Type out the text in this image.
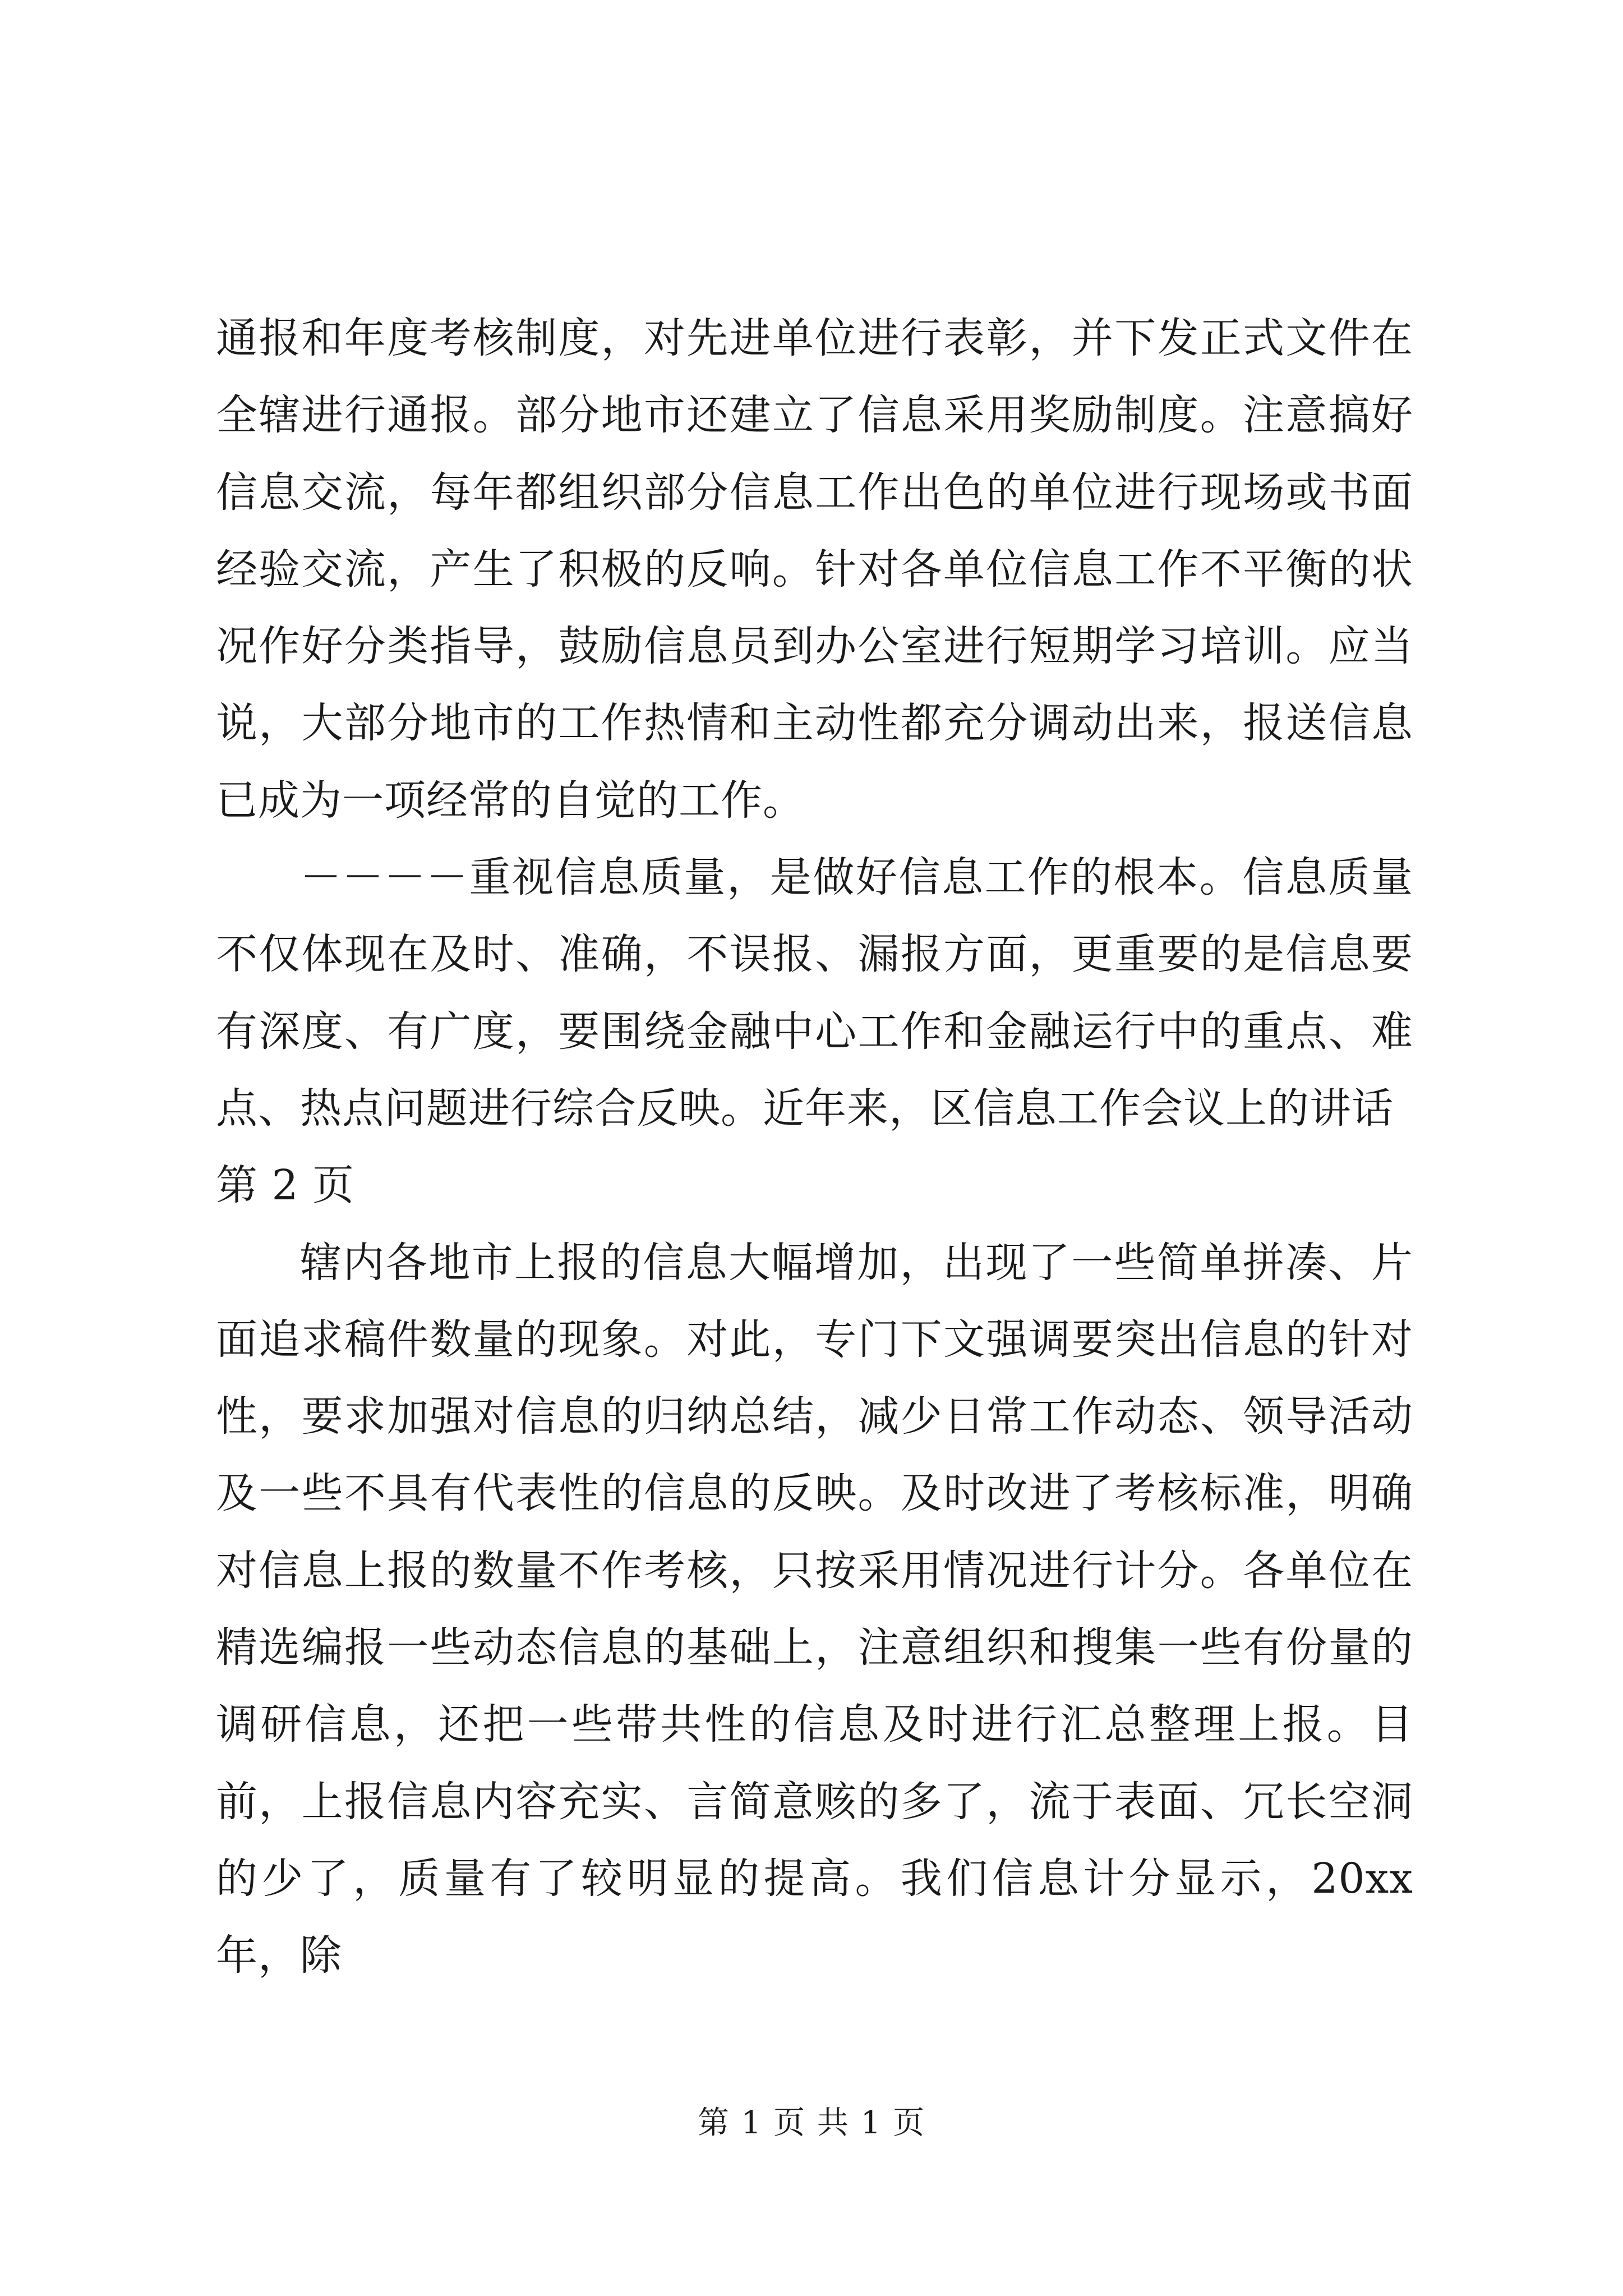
通报和年度考核制度，对先进单位进行表彰，并下发正式文件在全辖进行通报。部分地市还建立了信息采用奖励制度。注意搞好信息交流，每年都组织部分信息工作出色的单位进行现场或书面经验交流，产生了积极的反响。针对各单位信息工作不平衡的状况作好分类指导，鼓励信息员到办公室进行短期学习培训。应当说，大部分地市的工作热情和主动性都充分调动出来，报送信息已成为一项经常的自觉的工作。

－－－－重视信息质量，是做好信息工作的根本。信息质量不仅体现在及时、准确，不误报、漏报方面，更重要的是信息要有深度、有广度，要围绕金融中心工作和金融运行中的重点、难点、热点问题进行综合反映。近年来，区信息工作会议上的讲话

第 2 页

辖内各地市上报的信息大幅增加，出现了一些简单拼凑、片面追求稿件数量的现象。对此，专门下文强调要突出信息的针对性，要求加强对信息的归纳总结，减少日常工作动态、领导活动及一些不具有代表性的信息的反映。及时改进了考核标准，明确对信息上报的数量不作考核，只按采用情况进行计分。各单位在精选编报一些动态信息的基础上，注意组织和搜集一些有份量的调研信息，还把一些带共性的信息及时进行汇总整理上报。目前，上报信息内容充实、言简意赅的多了，流于表面、冗长空洞的少了，质量有了较明显的提高。我们信息计分显示，20xx 年，除

第 1 页 共 1 页
